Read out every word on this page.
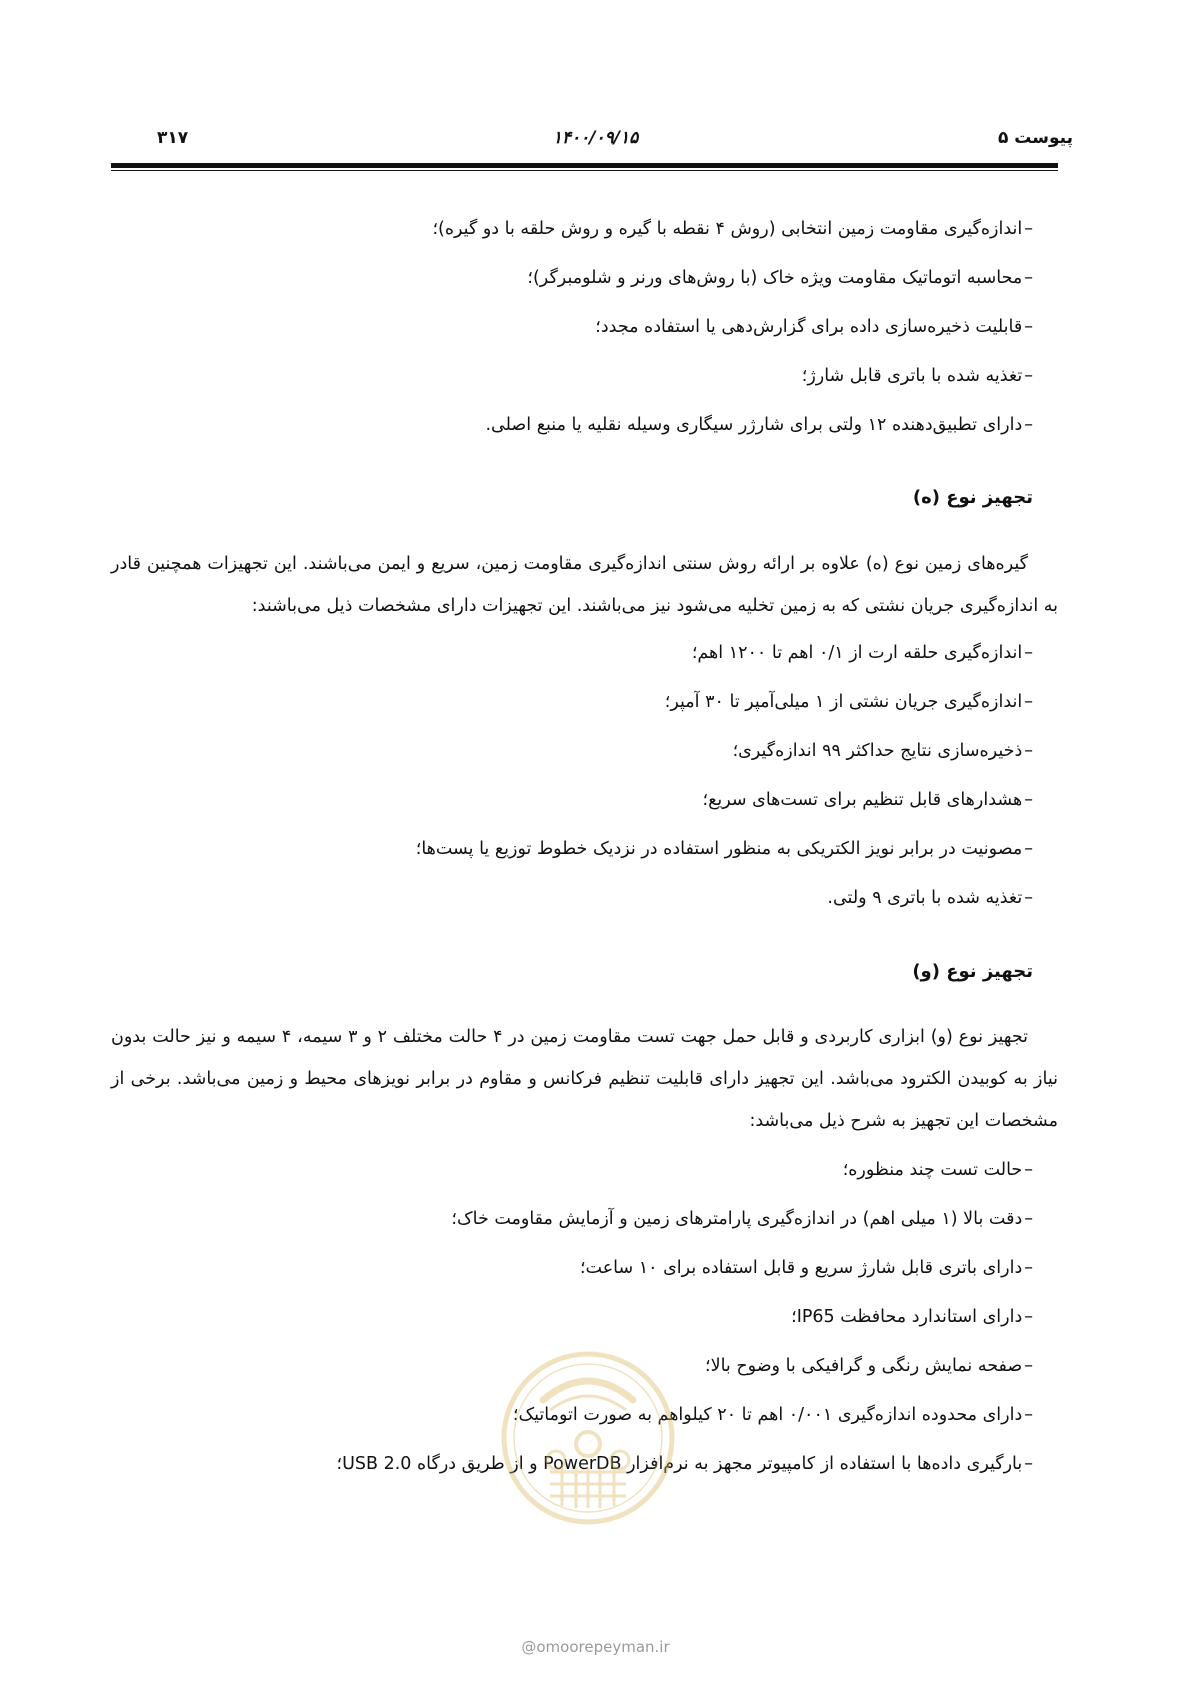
۳۱۷	۱۴۰۰/۰۹/۱۵	پیوست ۵
– اندازه‌گیری مقاومت زمین انتخابی (روش ۴ نقطه با گیره و روش حلقه با دو گیره)؛
– محاسبه اتوماتیک مقاومت ویژه خاک (با روش‌های ورنر و شلومبرگر)؛
– قابلیت ذخیره‌سازی داده برای گزارش‌دهی یا استفاده مجدد؛
– تغذیه شده با باتری قابل شارژ؛
– دارای تطبیق‌دهنده ۱۲ ولتی برای شارژر سیگاری وسیله نقلیه یا منبع اصلی.
تجهیز نوع (ه)

گیره‌های زمین نوع (ه) علاوه بر ارائه روش سنتی اندازه‌گیری مقاومت زمین، سریع و ایمن می‌باشند. این تجهیزات همچنین قادر به اندازه‌گیری جریان نشتی که به زمین تخلیه می‌شود نیز می‌باشند. این تجهیزات دارای مشخصات ذیل می‌باشند:

– اندازه‌گیری حلقه ارت از ۰/۱ اهم تا ۱۲۰۰ اهم؛
– اندازه‌گیری جریان نشتی از ۱ میلی‌آمپر تا ۳۰ آمپر؛
– ذخیره‌سازی نتایج حداکثر ۹۹ اندازه‌گیری؛
– هشدارهای قابل تنظیم برای تست‌های سریع؛
– مصونیت در برابر نویز الکتریکی به منظور استفاده در نزدیک خطوط توزیع یا پست‌ها؛
– تغذیه شده با باتری ۹ ولتی.
تجهیز نوع (و)

تجهیز نوع (و) ابزاری کاربردی و قابل حمل جهت تست مقاومت زمین در ۴ حالت مختلف ۲ و ۳ سیمه، ۴ سیمه و نیز حالت بدون نیاز به کوبیدن الکترود می‌باشد. این تجهیز دارای قابلیت تنظیم فرکانس و مقاوم در برابر نویزهای محیط و زمین می‌باشد. برخی از مشخصات این تجهیز به شرح ذیل می‌باشد:

– حالت تست چند منظوره؛
– دقت بالا (۱ میلی اهم) در اندازه‌گیری پارامترهای زمین و آزمایش مقاومت خاک؛
– دارای باتری قابل شارژ سریع و قابل استفاده برای ۱۰ ساعت؛
– دارای استاندارد محافظت IP65؛
– صفحه نمایش رنگی و گرافیکی با وضوح بالا؛
– دارای محدوده اندازه‌گیری ۰/۰۰۱ اهم تا ۲۰ کیلواهم به صورت اتوماتیک؛
– بارگیری داده‌ها با استفاده از کامپیوتر مجهز به نرم‌افزار PowerDB و از طریق درگاه USB 2.0؛
@omoorepeyman.ir
